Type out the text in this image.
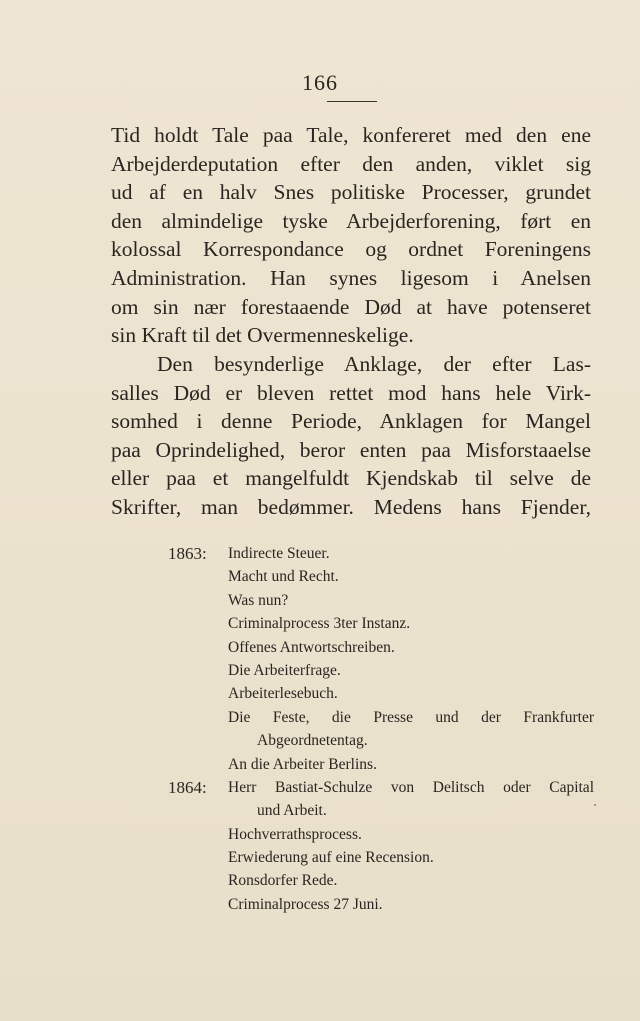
166

Tid holdt Tale paa Tale, konfereret med den ene
Arbejderdeputation efter den anden, viklet sig
ud af en halv Snes politiske Processer, grundet
den almindelige tyske Arbejderforening, ført en
kolossal Korrespondance og ordnet Foreningens
Administration. Han synes ligesom i Anelsen
om sin nær forestaaende Død at have potenseret
sin Kraft til det Overmenneskelige.

Den besynderlige Anklage, der efter Las-
salles Død er bleven rettet mod hans hele Virk-
somhed i denne Periode, Anklagen for Mangel
paa Oprindelighed, beror enten paa Misforstaaelse
eller paa et mangelfuldt Kjendskab til selve de
Skrifter, man bedømmer. Medens hans Fjender,

1863: Indirecte Steuer.
Macht und Recht.
Was nun?
Criminalprocess 3ter Instanz.
Offenes Antwortschreiben.
Die Arbeiterfrage.
Arbeiterlesebuch.
Die Feste, die Presse und der Frankfurter
Abgeordnetentag.
An die Arbeiter Berlins.
1864: Herr Bastiat-Schulze von Delitsch oder Capital
und Arbeit.
Hochverrathsprocess.
Erwiederung auf eine Recension.
Ronsdorfer Rede.
Criminalprocess 27 Juni.
